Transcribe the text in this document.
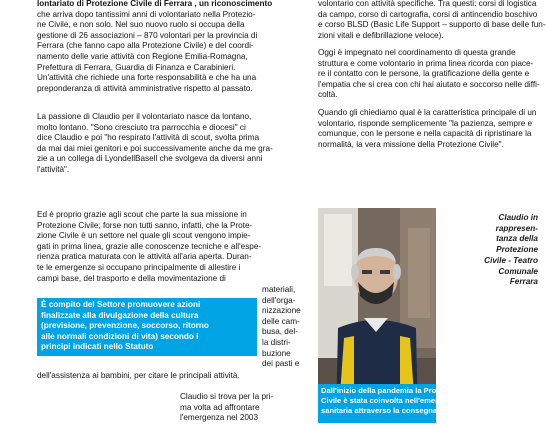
lontariato di Protezione Civile di Ferrara , un riconoscimento
che arriva dopo tantissimi anni di volontariato nella Protezio-
ne Civile, e non solo. Nel suo nuovo ruolo si occupa della
gestione di 26 associazioni – 870 volontari per la provincia di
Ferrara (che fanno capo alla Protezione Civile) e del coordi-
namento delle varie attività con Regione Emilia-Romagna,
Prefettura di Ferrara, Guardia di Finanza e Carabinieri.
Un'attività che richiede una forte responsabilità e che ha una
preponderanza di attività amministrative rispetto al passato.
La passione di Claudio per il volontariato nasce da lontano,
molto lontano. "Sono cresciuto tra parrocchia e diocesi" ci
dice Claudio e poi "ho respirato l'attività di scout, svolta prima
da mai dai miei genitori e poi successivamente anche da me gra-
zie a un collega di LyondellBasell che svolgeva da diversi anni
l'attività".
Ed è proprio grazie agli scout che parte la sua missione in
Protezione Civile; forse non tutti sanno, infatti, che la Prote-
zione Civile è un settore nel quale gli scout vengono impie-
gati in prima linea, grazie alle conoscenze tecniche e all'espe-
rienza pratica maturata con le attività all'aria aperta. Duran-
te le emergenze si occupano principalmente di allestire i
campi base, del trasporto e della movimentazione di
materiali,
dell'orga-
nizzazione
delle cam-
busa, del-
la distri-
buzione
dei pasti e
È compito del Settore promuovere azioni
finalizzate alla divulgazione della cultura
(previsione, prevenzione, soccorso, ritorno
alle normali condizioni di vita) secondo i
principi indicati nello Statuto
dell'assistenza ai bambini, per citare le principali attività.
Claudio si trova per la pri-
ma volta ad affrontare
l'emergenza nel 2003
volontario con attività specifiche. Tra questi: corsi di logistica
da campo, corso di cartografia, corsi di antincendio boschivo
e corso BLSD (Basic Life Support – supporto di base delle fun-
zioni vitali e defibrillazione veloce).
Oggi è impegnato nel coordinamento di questa grande
struttura e come volontario in prima linea ricorda con piace-
re il contatto con le persone, la gratificazione della gente e
l'empatia che si crea con chi hai aiutato e soccorso nelle diffi-
coltà.
Quando gli chiediamo qual è la caratteristica principale di un
volontario, risponde semplicemente "la pazienza, sempre e
comunque, con le persone e nella capacità di ripristinare la
normalità, la vera missione della Protezione Civile".
Dall'inizio della pandemia la Protezione
Civile è stata coinvolta nell'emergenza
sanitaria attraverso la consegna dei medi-
Claudio in
rappresen-
tanza della
Protezione
Civile - Teatro
Comunale
Ferrara
